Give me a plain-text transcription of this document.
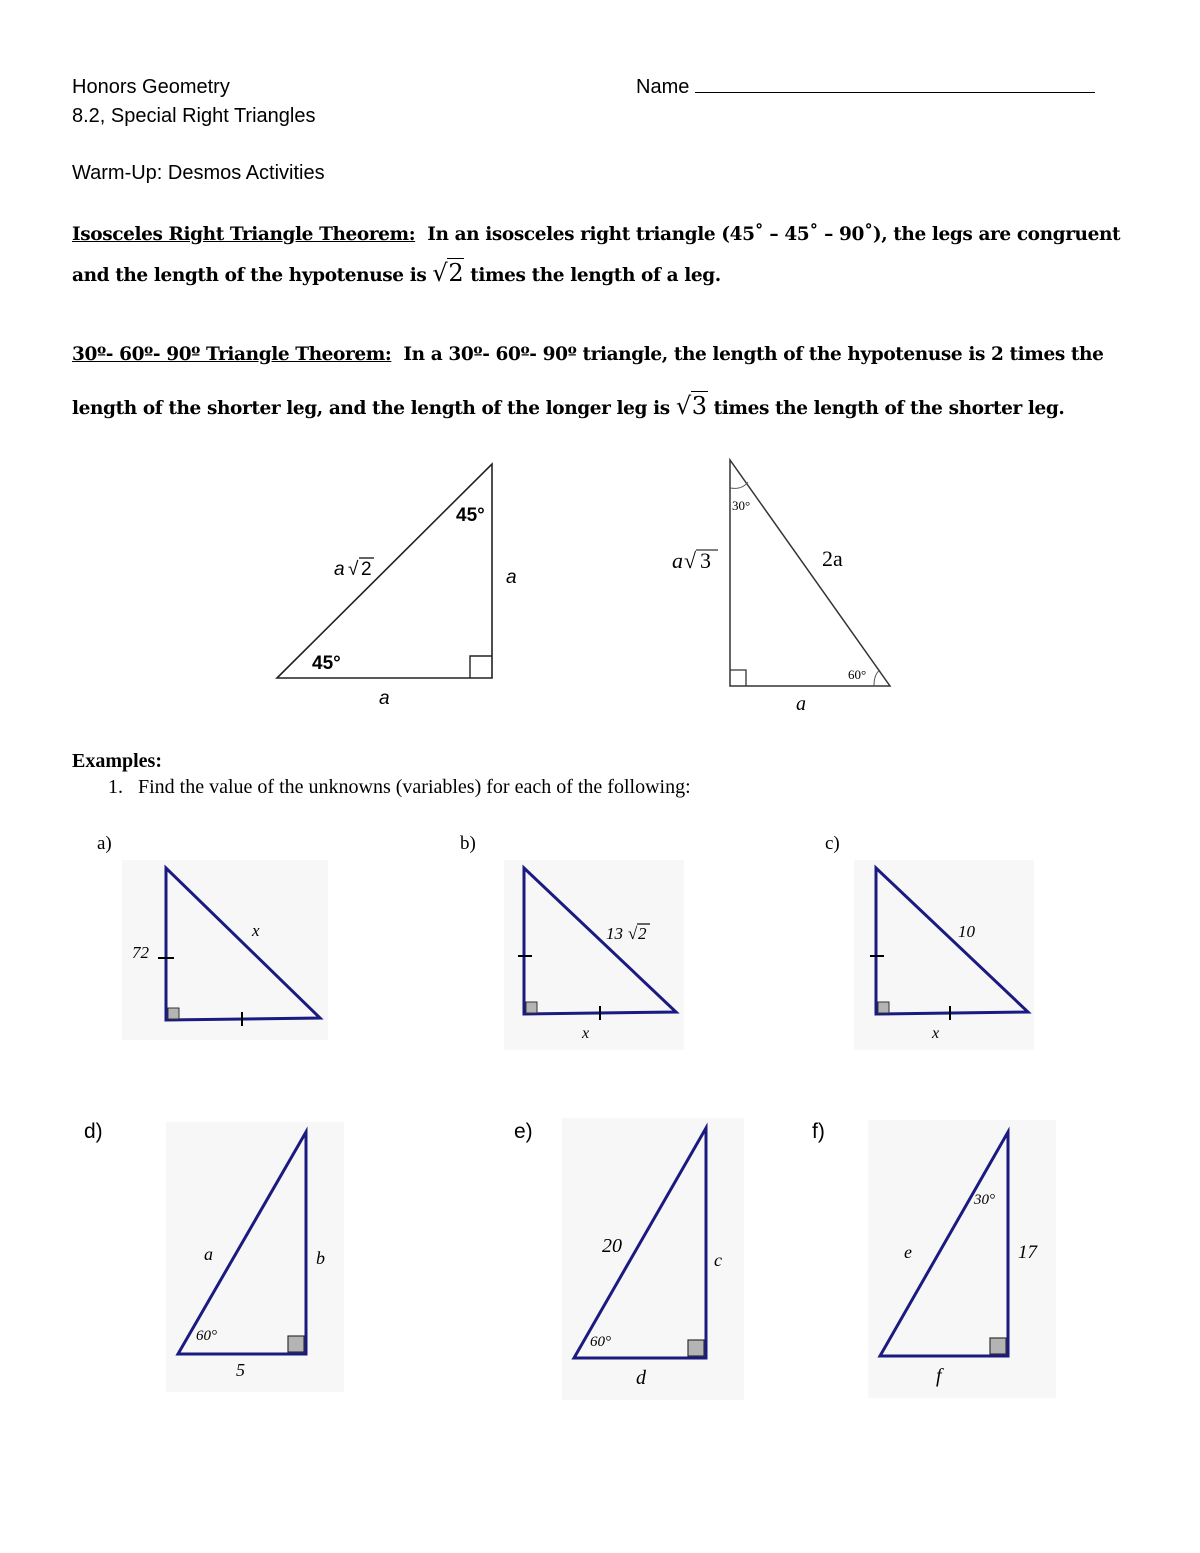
Honors Geometry
8.2, Special Right Triangles
Name
Warm-Up: Desmos Activities
Isosceles Right Triangle Theorem: In an isosceles right triangle (45˚ – 45˚ – 90˚), the legs are congruent
and the length of the hypotenuse is √2 times the length of a leg.
30º- 60º- 90º Triangle Theorem: In a 30º- 60º- 90º triangle, the length of the hypotenuse is 2 times the
length of the shorter leg, and the length of the longer leg is √3 times the length of the shorter leg.
45°
45°
a √ 2	a
a
30°
60°
a √ 3	2a
a
Examples:
1. Find the value of the unknowns (variables) for each of the following:
a)	b)	c)
72
x	13 √ 2
x
10
x
d)	e)	f)
60°
a	b
5
60°
20
c
d
30°
e	17
f
